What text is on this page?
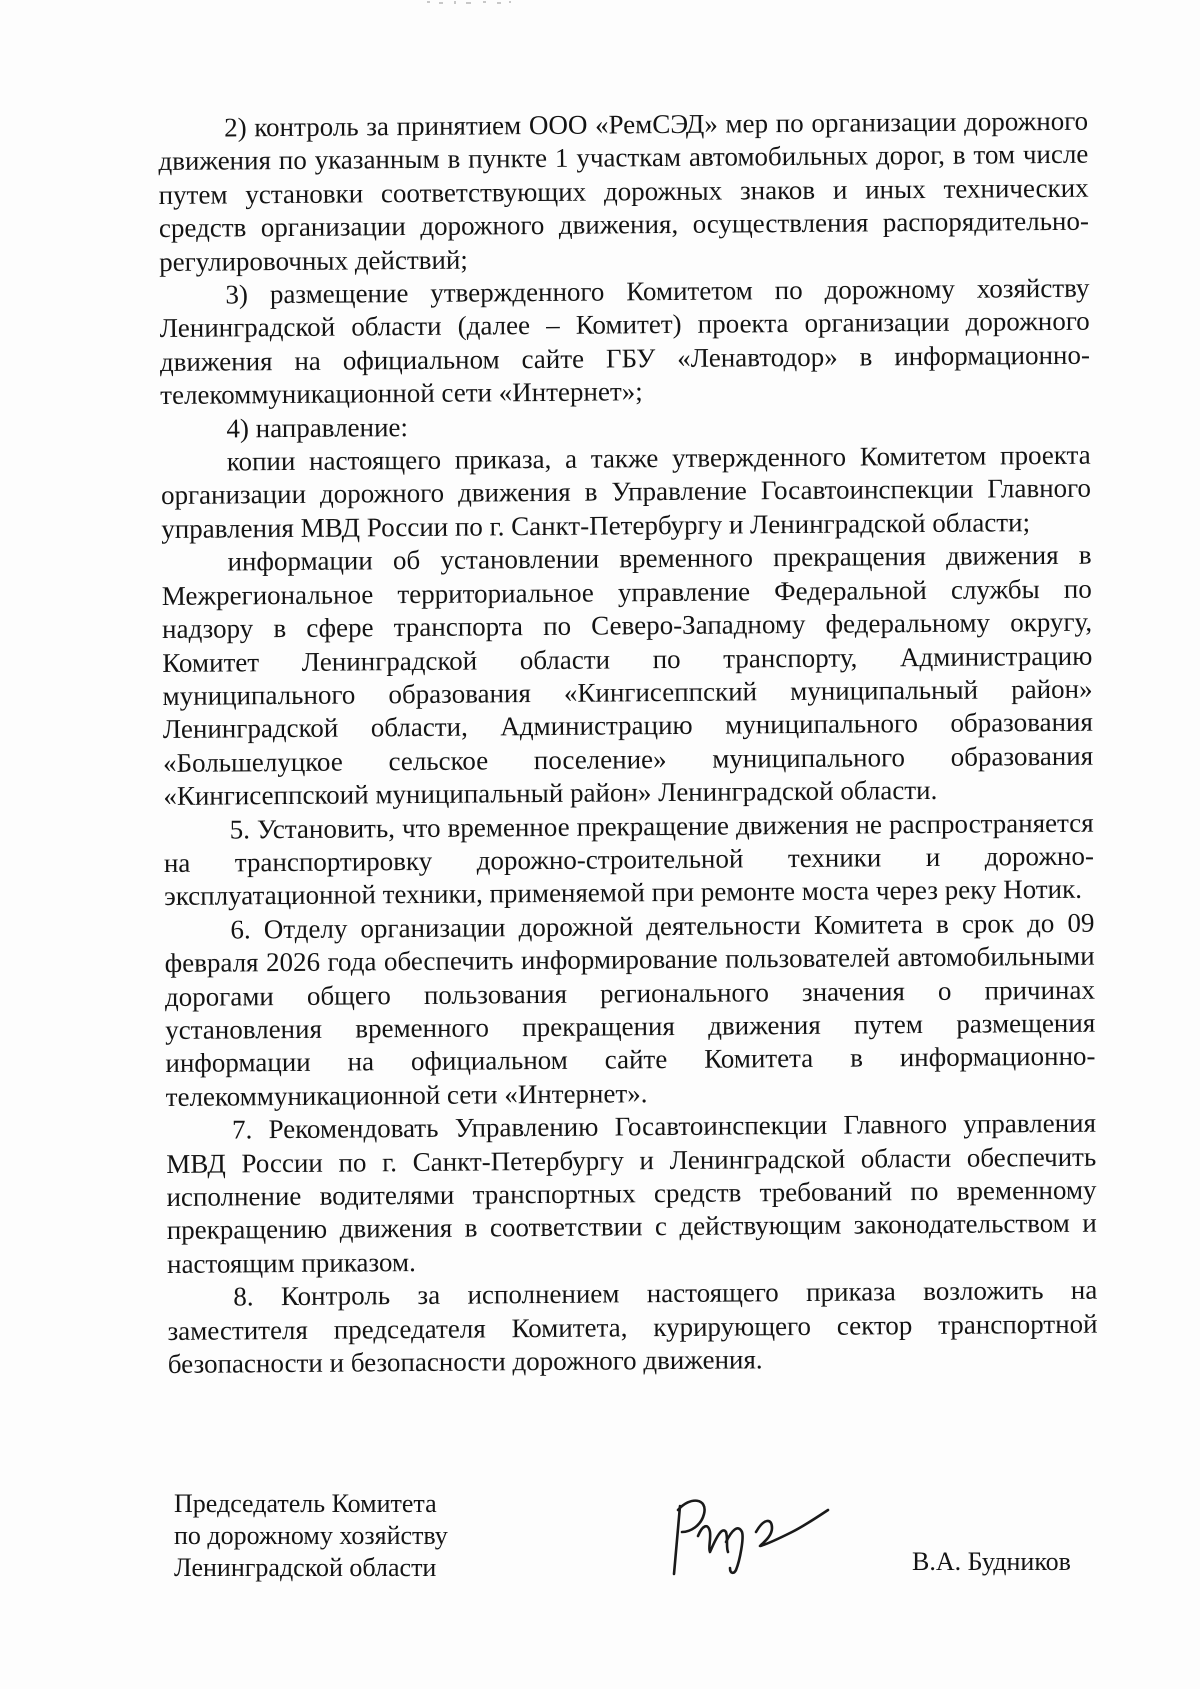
2) контроль за принятием ООО «РемСЭД» мер по организации дорожного движения по указанным в пункте 1 участкам автомобильных дорог, в том числе путем установки соответствующих дорожных знаков и иных технических средств организации дорожного движения, осуществления распорядительно-регулировочных действий;

3) размещение утвержденного Комитетом по дорожному хозяйству Ленинградской области (далее – Комитет) проекта организации дорожного движения на официальном сайте ГБУ «Ленавтодор» в информационно-телекоммуникационной сети «Интернет»;

4) направление:

копии настоящего приказа, а также утвержденного Комитетом проекта организации дорожного движения в Управление Госавтоинспекции Главного управления МВД России по г. Санкт-Петербургу и Ленинградской области;

информации об установлении временного прекращения движения в Межрегиональное территориальное управление Федеральной службы по надзору в сфере транспорта по Северо-Западному федеральному округу, Комитет Ленинградской области по транспорту, Администрацию муниципального образования «Кингисеппский муниципальный район» Ленинградской области, Администрацию муниципального образования «Большелуцкое сельское поселение» муниципального образования «Кингисеппскоий муниципальный район» Ленинградской области.

5. Установить, что временное прекращение движения не распространяется на транспортировку дорожно-строительной техники и дорожно-эксплуатационной техники, применяемой при ремонте моста через реку Нотик.

6. Отделу организации дорожной деятельности Комитета в срок до 09 февраля 2026 года обеспечить информирование пользователей автомобильными дорогами общего пользования регионального значения о причинах установления временного прекращения движения путем размещения информации на официальном сайте Комитета в информационно-телекоммуникационной сети «Интернет».

7. Рекомендовать Управлению Госавтоинспекции Главного управления МВД России по г. Санкт-Петербургу и Ленинградской области обеспечить исполнение водителями транспортных средств требований по временному прекращению движения в соответствии с действующим законодательством и настоящим приказом.

8. Контроль за исполнением настоящего приказа возложить на заместителя председателя Комитета, курирующего сектор транспортной безопасности и безопасности дорожного движения.

Председатель Комитета
по дорожному хозяйству
Ленинградской области	В.А. Будников
